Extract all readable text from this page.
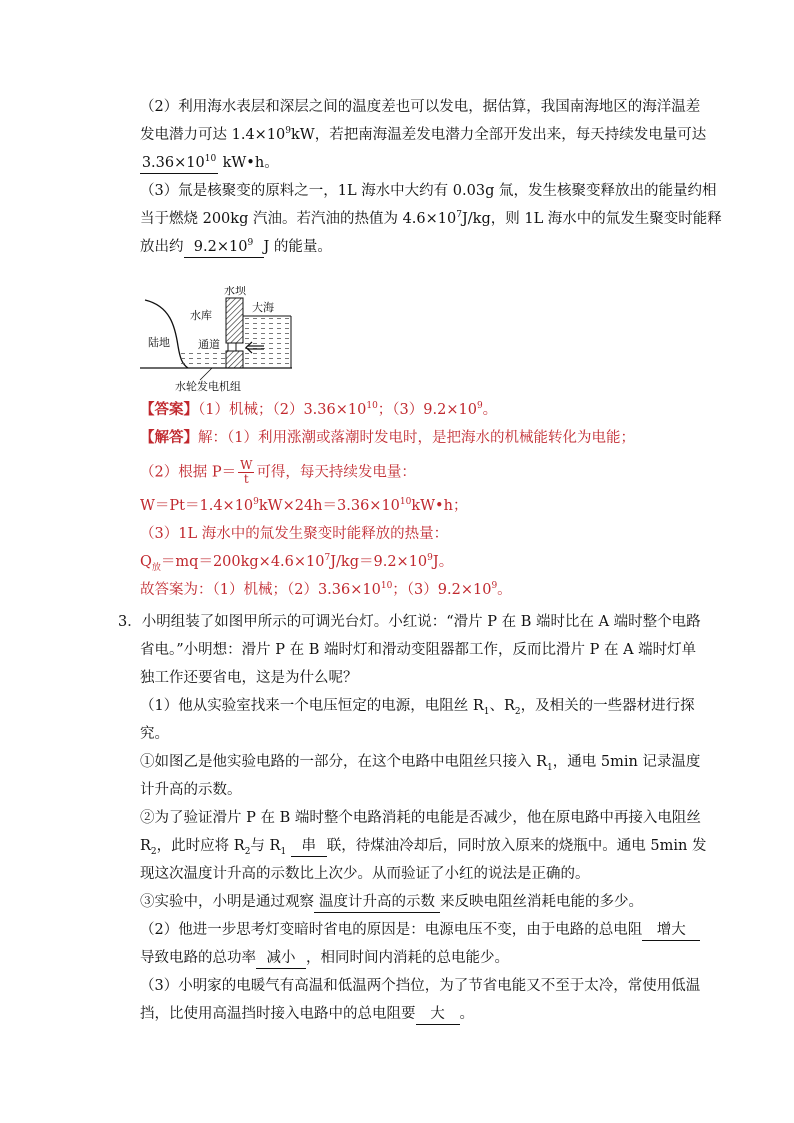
（2）利用海水表层和深层之间的温度差也可以发电，据估算，我国南海地区的海洋温差
发电潜力可达 $1.4\times 10^9kW$，若把南海温差发电潜力全部开发出来，每天持续发电量可达
$3.36\times 10^{10}$ kW•h。
（3）氚是核聚变的原料之一，1L 海水中大约有 0.03g 氚，发生核聚变释放出的能量约相
当于燃烧 200kg 汽油。若汽油的热值为 $4.6\times 10^7J/kg$，则 1L 海水中的氚发生聚变时能释
放出约 $9.2\times 10^9$ J 的能量。
水坝
大海
水库
陆地	通道
水轮发电机组
【答案】（1）机械；$(2)3.36\times 10^{10}$；$(3)9.2\times 10^9$。
【解答】解：（1）利用涨潮或落潮时发电时，是把海水的机械能转化为电能；
（2）根据 $P= \frac{W}{t}$ 可得，每天持续发电量：
$W=Pt=1.4\times 10^9kW\times 24h=3.36\times 10^{10}kW•h$；
（3）1L 海水中的氚发生聚变时能释放的热量：
$Q_放=mq=200kg\times 4.6\times 10^7J/kg=9.2\times 10^9J$。
故答案为：（1）机械；$(2)3.36\times 10^{10}$；$(3)9.2\times 10^9$。
3．小明组装了如图甲所示的可调光台灯。小红说：“滑片 P 在 B 端时比在 A 端时整个电路
省电。”小明想：滑片 P 在 B 端时灯和滑动变阻器都工作，反而比滑片 P 在 A 端时灯单
独工作还要省电，这是为什么呢？
（1）他从实验室找来一个电压恒定的电源，电阻丝 $R_1$、$R_2$，及相关的一些器材进行探
究。
①如图乙是他实验电路的一部分，在这个电路中电阻丝只接入 $R_1$，通电 5min 记录温度
计升高的示数。
②为了验证滑片 P 在 B 端时整个电路消耗的电能是否减少，他在原电路中再接入电阻丝
$R_2$，此时应将 $R_2$与 $R_1$ 串 联，待煤油冷却后，同时放入原来的烧瓶中。通电 5min 发
现这次温度计升高的示数比上次少。从而验证了小红的说法是正确的。
③实验中，小明是通过观察 温度计升高的示数 来反映电阻丝消耗电能的多少。
（2）他进一步思考灯变暗时省电的原因是：电源电压不变，由于电路的总电阻 增大
导致电路的总功率 减小 ，相同时间内消耗的总电能少。
（3）小明家的电暖气有高温和低温两个挡位，为了节省电能又不至于太冷，常使用低温
挡，比使用高温挡时接入电路中的总电阻要 大 。
